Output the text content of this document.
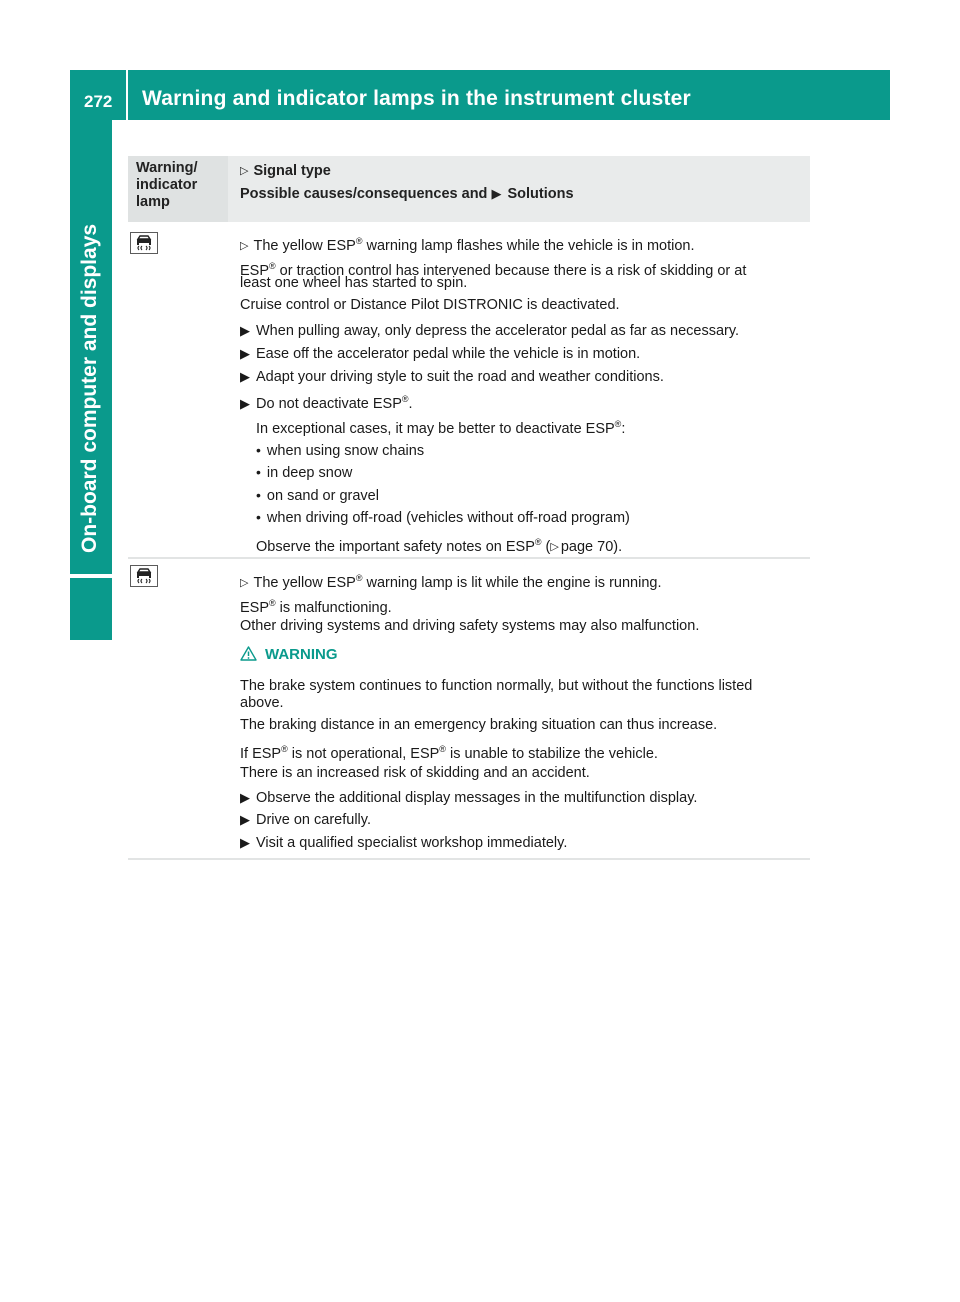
272 Warning and indicator lamps in the instrument cluster
On-board computer and displays
Warning/
indicator
lamp
▷ Signal type
Possible causes/consequences and ▶ Solutions
▷ The yellow ESP® warning lamp flashes while the vehicle is in motion.
ESP® or traction control has intervened because there is a risk of skidding or at
least one wheel has started to spin.
Cruise control or Distance Pilot DISTRONIC is deactivated.
▶ When pulling away, only depress the accelerator pedal as far as necessary.
▶ Ease off the accelerator pedal while the vehicle is in motion.
▶ Adapt your driving style to suit the road and weather conditions.
▶ Do not deactivate ESP®.
In exceptional cases, it may be better to deactivate ESP®:
• when using snow chains
• in deep snow
• on sand or gravel
• when driving off-road (vehicles without off-road program)
Observe the important safety notes on ESP® (▷ page 70).
▷ The yellow ESP® warning lamp is lit while the engine is running.
ESP® is malfunctioning.
Other driving systems and driving safety systems may also malfunction.
WARNING
The brake system continues to function normally, but without the functions listed
above.
The braking distance in an emergency braking situation can thus increase.
If ESP® is not operational, ESP® is unable to stabilize the vehicle.
There is an increased risk of skidding and an accident.
▶ Observe the additional display messages in the multifunction display.
▶ Drive on carefully.
▶ Visit a qualified specialist workshop immediately.
